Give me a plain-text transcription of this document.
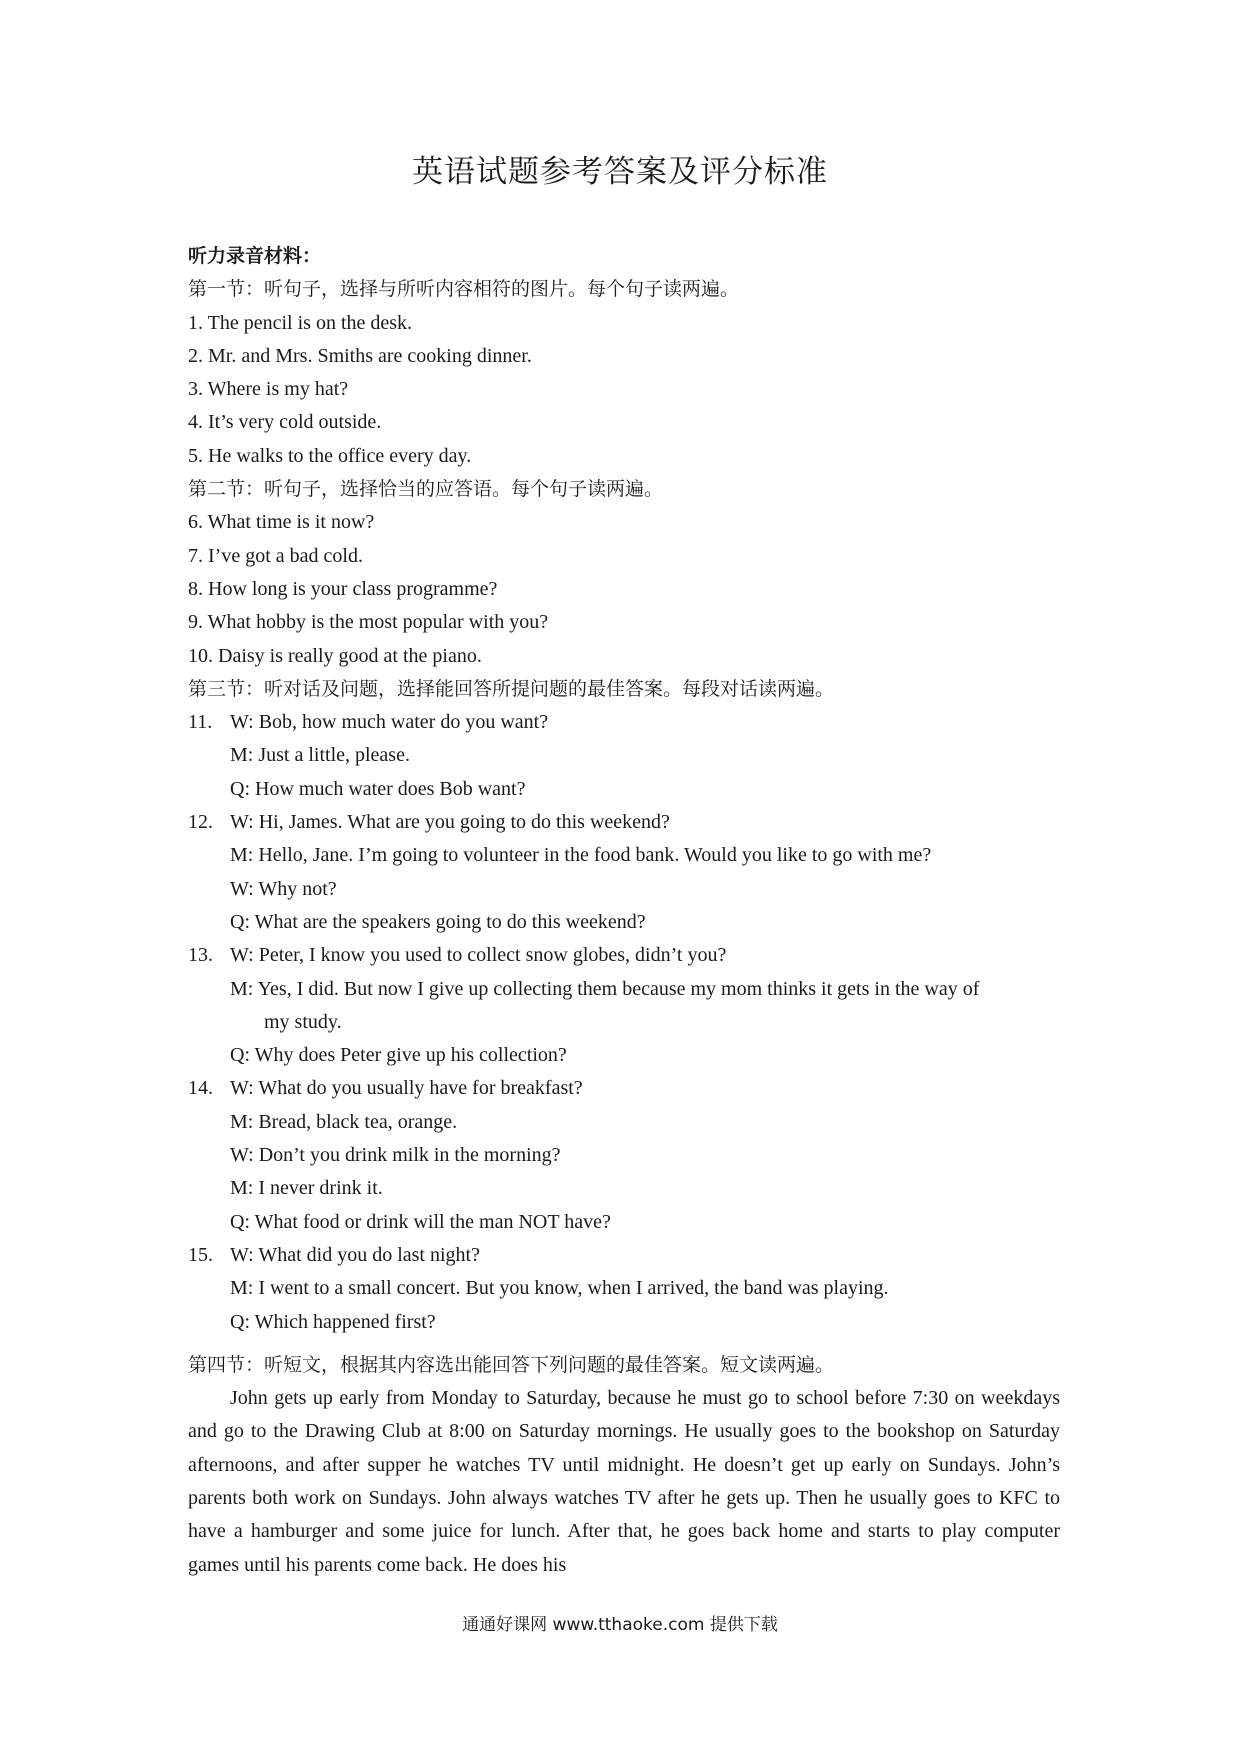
英语试题参考答案及评分标准
听力录音材料：
第一节：听句子，选择与所听内容相符的图片。每个句子读两遍。
1. The pencil is on the desk.
2. Mr. and Mrs. Smiths are cooking dinner.
3. Where is my hat?
4. It’s very cold outside.
5. He walks to the office every day.
第二节：听句子，选择恰当的应答语。每个句子读两遍。
6. What time is it now?
7. I’ve got a bad cold.
8. How long is your class programme?
9. What hobby is the most popular with you?
10. Daisy is really good at the piano.
第三节：听对话及问题，选择能回答所提问题的最佳答案。每段对话读两遍。
11. W: Bob, how much water do you want?
M: Just a little, please.
Q: How much water does Bob want?
12. W: Hi, James. What are you going to do this weekend?
M: Hello, Jane. I’m going to volunteer in the food bank. Would you like to go with me?
W: Why not?
Q: What are the speakers going to do this weekend?
13. W: Peter, I know you used to collect snow globes, didn’t you?
M: Yes, I did. But now I give up collecting them because my mom thinks it gets in the way of
my study.
Q: Why does Peter give up his collection?
14. W: What do you usually have for breakfast?
M: Bread, black tea, orange.
W: Don’t you drink milk in the morning?
M: I never drink it.
Q: What food or drink will the man NOT have?
15. W: What did you do last night?
M: I went to a small concert. But you know, when I arrived, the band was playing.
Q: Which happened first?
第四节：听短文，根据其内容选出能回答下列问题的最佳答案。短文读两遍。
John gets up early from Monday to Saturday, because he must go to school before 7:30 on weekdays and go to the Drawing Club at 8:00 on Saturday mornings. He usually goes to the bookshop on Saturday afternoons, and after supper he watches TV until midnight. He doesn’t get up early on Sundays. John’s parents both work on Sundays. John always watches TV after he gets up. Then he usually goes to KFC to have a hamburger and some juice for lunch. After that, he goes back home and starts to play computer games until his parents come back. He does his
通通好课网 www.tthaoke.com 提供下载
